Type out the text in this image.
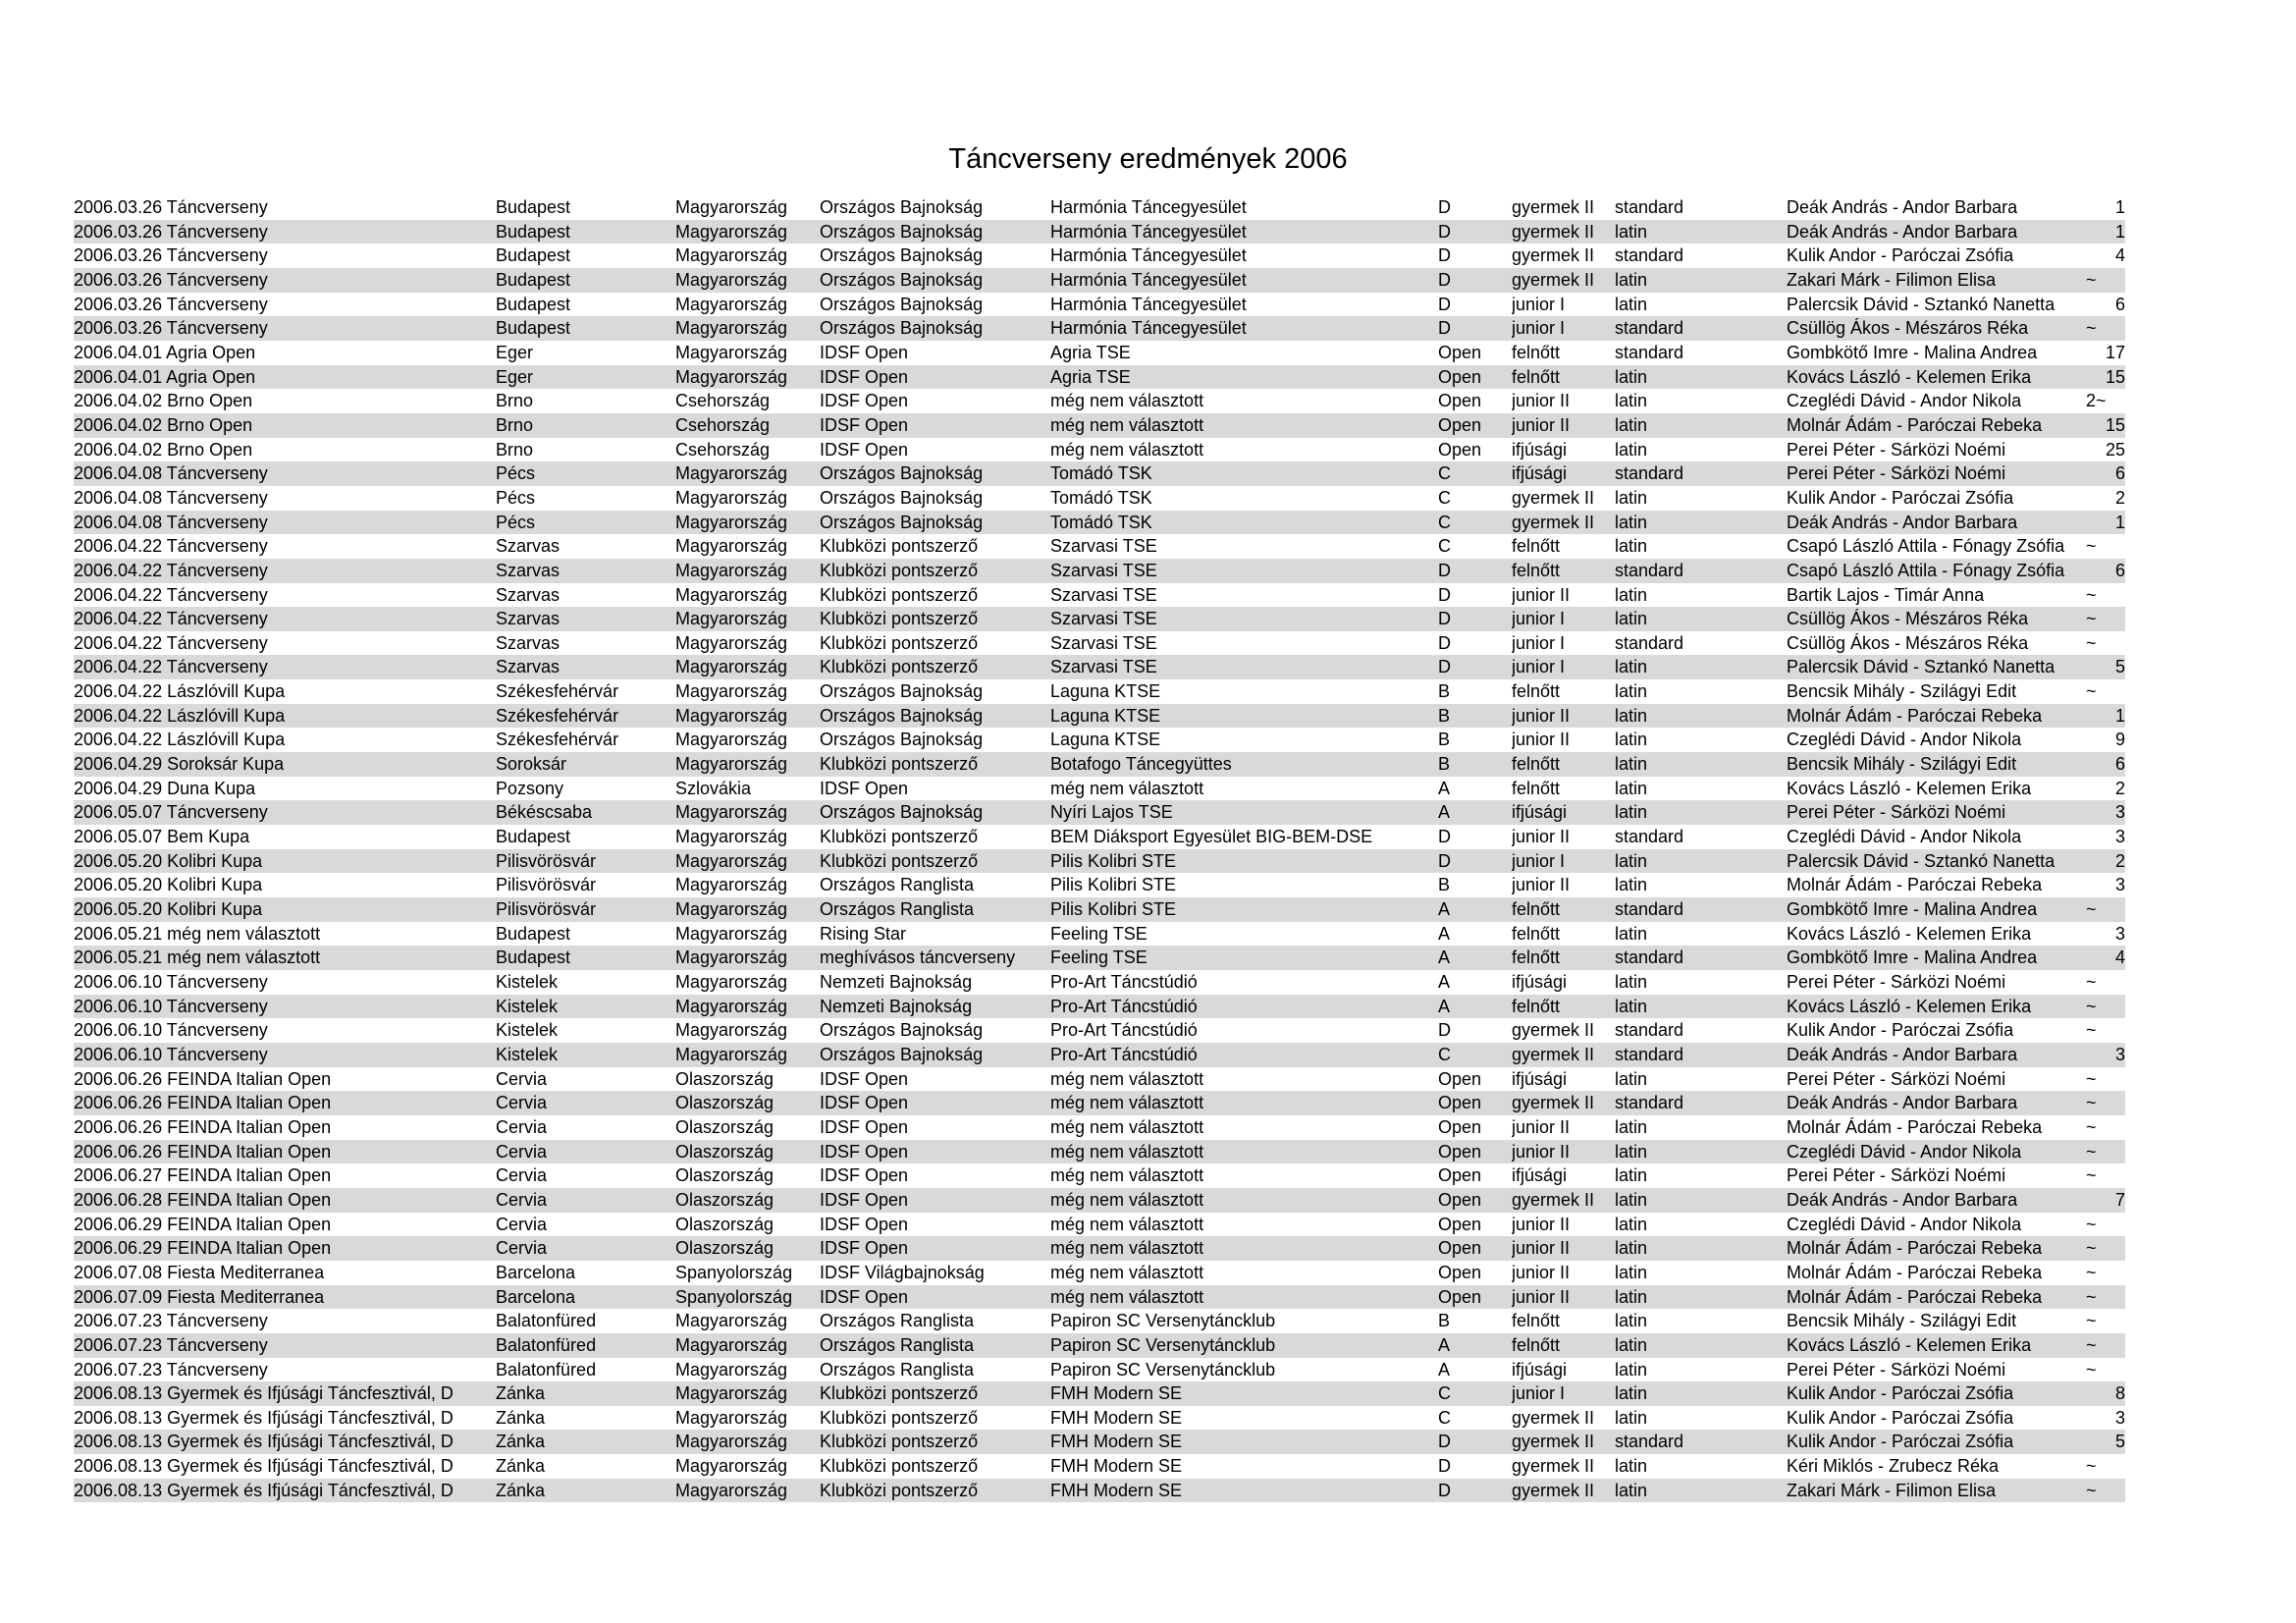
Táncverseny eredmények 2006
2006.03.26 Táncverseny	Budapest	Magyarország	Országos Bajnokság	Harmónia Táncegyesület	D	gyermek II	standard	Deák András - Andor Barbara	1
2006.03.26 Táncverseny	Budapest	Magyarország	Országos Bajnokság	Harmónia Táncegyesület	D	gyermek II	latin	Deák András - Andor Barbara	1
2006.03.26 Táncverseny	Budapest	Magyarország	Országos Bajnokság	Harmónia Táncegyesület	D	gyermek II	standard	Kulik Andor - Paróczai Zsófia	4
2006.03.26 Táncverseny	Budapest	Magyarország	Országos Bajnokság	Harmónia Táncegyesület	D	gyermek II	latin	Zakari Márk - Filimon Elisa	~
2006.03.26 Táncverseny	Budapest	Magyarország	Országos Bajnokság	Harmónia Táncegyesület	D	junior I	latin	Palercsik Dávid - Sztankó Nanetta	6
2006.03.26 Táncverseny	Budapest	Magyarország	Országos Bajnokság	Harmónia Táncegyesület	D	junior I	standard	Csüllög Ákos - Mészáros Réka	~
2006.04.01 Agria Open	Eger	Magyarország	IDSF Open	Agria TSE	Open	felnőtt	standard	Gombkötő Imre - Malina Andrea	17
2006.04.01 Agria Open	Eger	Magyarország	IDSF Open	Agria TSE	Open	felnőtt	latin	Kovács László - Kelemen Erika	15
2006.04.02 Brno Open	Brno	Csehország	IDSF Open	még nem választott	Open	junior II	latin	Czeglédi Dávid - Andor Nikola	2~
2006.04.02 Brno Open	Brno	Csehország	IDSF Open	még nem választott	Open	junior II	latin	Molnár Ádám - Paróczai Rebeka	15
2006.04.02 Brno Open	Brno	Csehország	IDSF Open	még nem választott	Open	ifjúsági	latin	Perei Péter - Sárközi Noémi	25
2006.04.08 Táncverseny	Pécs	Magyarország	Országos Bajnokság	Tomádó TSK	C	ifjúsági	standard	Perei Péter - Sárközi Noémi	6
2006.04.08 Táncverseny	Pécs	Magyarország	Országos Bajnokság	Tomádó TSK	C	gyermek II	latin	Kulik Andor - Paróczai Zsófia	2
2006.04.08 Táncverseny	Pécs	Magyarország	Országos Bajnokság	Tomádó TSK	C	gyermek II	latin	Deák András - Andor Barbara	1
2006.04.22 Táncverseny	Szarvas	Magyarország	Klubközi pontszerző	Szarvasi TSE	C	felnőtt	latin	Csapó László Attila - Fónagy Zsófia	~
2006.04.22 Táncverseny	Szarvas	Magyarország	Klubközi pontszerző	Szarvasi TSE	D	felnőtt	standard	Csapó László Attila - Fónagy Zsófia	6
2006.04.22 Táncverseny	Szarvas	Magyarország	Klubközi pontszerző	Szarvasi TSE	D	junior II	latin	Bartik Lajos - Timár Anna	~
2006.04.22 Táncverseny	Szarvas	Magyarország	Klubközi pontszerző	Szarvasi TSE	D	junior I	latin	Csüllög Ákos - Mészáros Réka	~
2006.04.22 Táncverseny	Szarvas	Magyarország	Klubközi pontszerző	Szarvasi TSE	D	junior I	standard	Csüllög Ákos - Mészáros Réka	~
2006.04.22 Táncverseny	Szarvas	Magyarország	Klubközi pontszerző	Szarvasi TSE	D	junior I	latin	Palercsik Dávid - Sztankó Nanetta	5
2006.04.22 Lászlóvill Kupa	Székesfehérvár	Magyarország	Országos Bajnokság	Laguna KTSE	B	felnőtt	latin	Bencsik Mihály - Szilágyi Edit	~
2006.04.22 Lászlóvill Kupa	Székesfehérvár	Magyarország	Országos Bajnokság	Laguna KTSE	B	junior II	latin	Molnár Ádám - Paróczai Rebeka	1
2006.04.22 Lászlóvill Kupa	Székesfehérvár	Magyarország	Országos Bajnokság	Laguna KTSE	B	junior II	latin	Czeglédi Dávid - Andor Nikola	9
2006.04.29 Soroksár Kupa	Soroksár	Magyarország	Klubközi pontszerző	Botafogo Táncegyüttes	B	felnőtt	latin	Bencsik Mihály - Szilágyi Edit	6
2006.04.29 Duna Kupa	Pozsony	Szlovákia	IDSF Open	még nem választott	A	felnőtt	latin	Kovács László - Kelemen Erika	2
2006.05.07 Táncverseny	Békéscsaba	Magyarország	Országos Bajnokság	Nyíri Lajos TSE	A	ifjúsági	latin	Perei Péter - Sárközi Noémi	3
2006.05.07 Bem Kupa	Budapest	Magyarország	Klubközi pontszerző	BEM Diáksport Egyesület BIG-BEM-DSE	D	junior II	standard	Czeglédi Dávid - Andor Nikola	3
2006.05.20 Kolibri Kupa	Pilisvörösvár	Magyarország	Klubközi pontszerző	Pilis Kolibri STE	D	junior I	latin	Palercsik Dávid - Sztankó Nanetta	2
2006.05.20 Kolibri Kupa	Pilisvörösvár	Magyarország	Országos Ranglista	Pilis Kolibri STE	B	junior II	latin	Molnár Ádám - Paróczai Rebeka	3
2006.05.20 Kolibri Kupa	Pilisvörösvár	Magyarország	Országos Ranglista	Pilis Kolibri STE	A	felnőtt	standard	Gombkötő Imre - Malina Andrea	~
2006.05.21 még nem választott	Budapest	Magyarország	Rising Star	Feeling TSE	A	felnőtt	latin	Kovács László - Kelemen Erika	3
2006.05.21 még nem választott	Budapest	Magyarország	meghívásos táncverseny	Feeling TSE	A	felnőtt	standard	Gombkötő Imre - Malina Andrea	4
2006.06.10 Táncverseny	Kistelek	Magyarország	Nemzeti Bajnokság	Pro-Art Táncstúdió	A	ifjúsági	latin	Perei Péter - Sárközi Noémi	~
2006.06.10 Táncverseny	Kistelek	Magyarország	Nemzeti Bajnokság	Pro-Art Táncstúdió	A	felnőtt	latin	Kovács László - Kelemen Erika	~
2006.06.10 Táncverseny	Kistelek	Magyarország	Országos Bajnokság	Pro-Art Táncstúdió	D	gyermek II	standard	Kulik Andor - Paróczai Zsófia	~
2006.06.10 Táncverseny	Kistelek	Magyarország	Országos Bajnokság	Pro-Art Táncstúdió	C	gyermek II	standard	Deák András - Andor Barbara	3
2006.06.26 FEINDA Italian Open	Cervia	Olaszország	IDSF Open	még nem választott	Open	ifjúsági	latin	Perei Péter - Sárközi Noémi	~
2006.06.26 FEINDA Italian Open	Cervia	Olaszország	IDSF Open	még nem választott	Open	gyermek II	standard	Deák András - Andor Barbara	~
2006.06.26 FEINDA Italian Open	Cervia	Olaszország	IDSF Open	még nem választott	Open	junior II	latin	Molnár Ádám - Paróczai Rebeka	~
2006.06.26 FEINDA Italian Open	Cervia	Olaszország	IDSF Open	még nem választott	Open	junior II	latin	Czeglédi Dávid - Andor Nikola	~
2006.06.27 FEINDA Italian Open	Cervia	Olaszország	IDSF Open	még nem választott	Open	ifjúsági	latin	Perei Péter - Sárközi Noémi	~
2006.06.28 FEINDA Italian Open	Cervia	Olaszország	IDSF Open	még nem választott	Open	gyermek II	latin	Deák András - Andor Barbara	7
2006.06.29 FEINDA Italian Open	Cervia	Olaszország	IDSF Open	még nem választott	Open	junior II	latin	Czeglédi Dávid - Andor Nikola	~
2006.06.29 FEINDA Italian Open	Cervia	Olaszország	IDSF Open	még nem választott	Open	junior II	latin	Molnár Ádám - Paróczai Rebeka	~
2006.07.08 Fiesta Mediterranea	Barcelona	Spanyolország	IDSF Világbajnokság	még nem választott	Open	junior II	latin	Molnár Ádám - Paróczai Rebeka	~
2006.07.09 Fiesta Mediterranea	Barcelona	Spanyolország	IDSF Open	még nem választott	Open	junior II	latin	Molnár Ádám - Paróczai Rebeka	~
2006.07.23 Táncverseny	Balatonfüred	Magyarország	Országos Ranglista	Papiron SC Versenytáncklub	B	felnőtt	latin	Bencsik Mihály - Szilágyi Edit	~
2006.07.23 Táncverseny	Balatonfüred	Magyarország	Országos Ranglista	Papiron SC Versenytáncklub	A	felnőtt	latin	Kovács László - Kelemen Erika	~
2006.07.23 Táncverseny	Balatonfüred	Magyarország	Országos Ranglista	Papiron SC Versenytáncklub	A	ifjúsági	latin	Perei Péter - Sárközi Noémi	~
2006.08.13 Gyermek és Ifjúsági Táncfesztivál, D	Zánka	Magyarország	Klubközi pontszerző	FMH Modern SE	C	junior I	latin	Kulik Andor - Paróczai Zsófia	8
2006.08.13 Gyermek és Ifjúsági Táncfesztivál, D	Zánka	Magyarország	Klubközi pontszerző	FMH Modern SE	C	gyermek II	latin	Kulik Andor - Paróczai Zsófia	3
2006.08.13 Gyermek és Ifjúsági Táncfesztivál, D	Zánka	Magyarország	Klubközi pontszerző	FMH Modern SE	D	gyermek II	standard	Kulik Andor - Paróczai Zsófia	5
2006.08.13 Gyermek és Ifjúsági Táncfesztivál, D	Zánka	Magyarország	Klubközi pontszerző	FMH Modern SE	D	gyermek II	latin	Kéri Miklós - Zrubecz Réka	~
2006.08.13 Gyermek és Ifjúsági Táncfesztivál, D	Zánka	Magyarország	Klubközi pontszerző	FMH Modern SE	D	gyermek II	latin	Zakari Márk - Filimon Elisa	~
